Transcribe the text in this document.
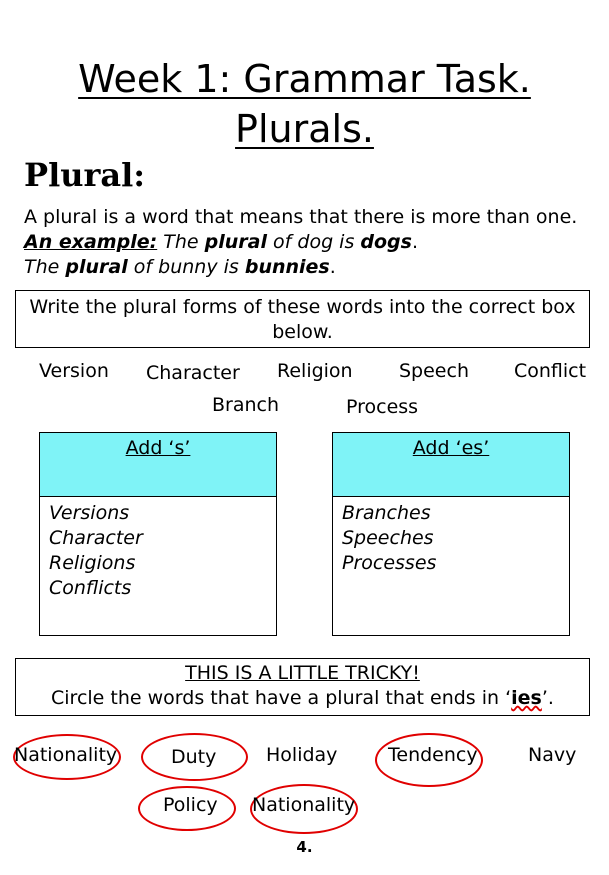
Week 1: Grammar Task.
Plurals.
Plural:
A plural is a word that means that there is more than one.
An example: The plural of dog is dogs.
The plural of bunny is bunnies.
Write the plural forms of these words into the correct box below.
Version Character Religion Speech Conflict
Branch	Process
Add ‘s’
Versions
Character
Religions
Conflicts
Add ‘es’
Branches
Speeches
Processes
THIS IS A LITTLE TRICKY!
Circle the words that have a plural that ends in ‘ies’.
Nationality	Duty	Holiday	Tendency	Navy
Policy Nationality
4.
